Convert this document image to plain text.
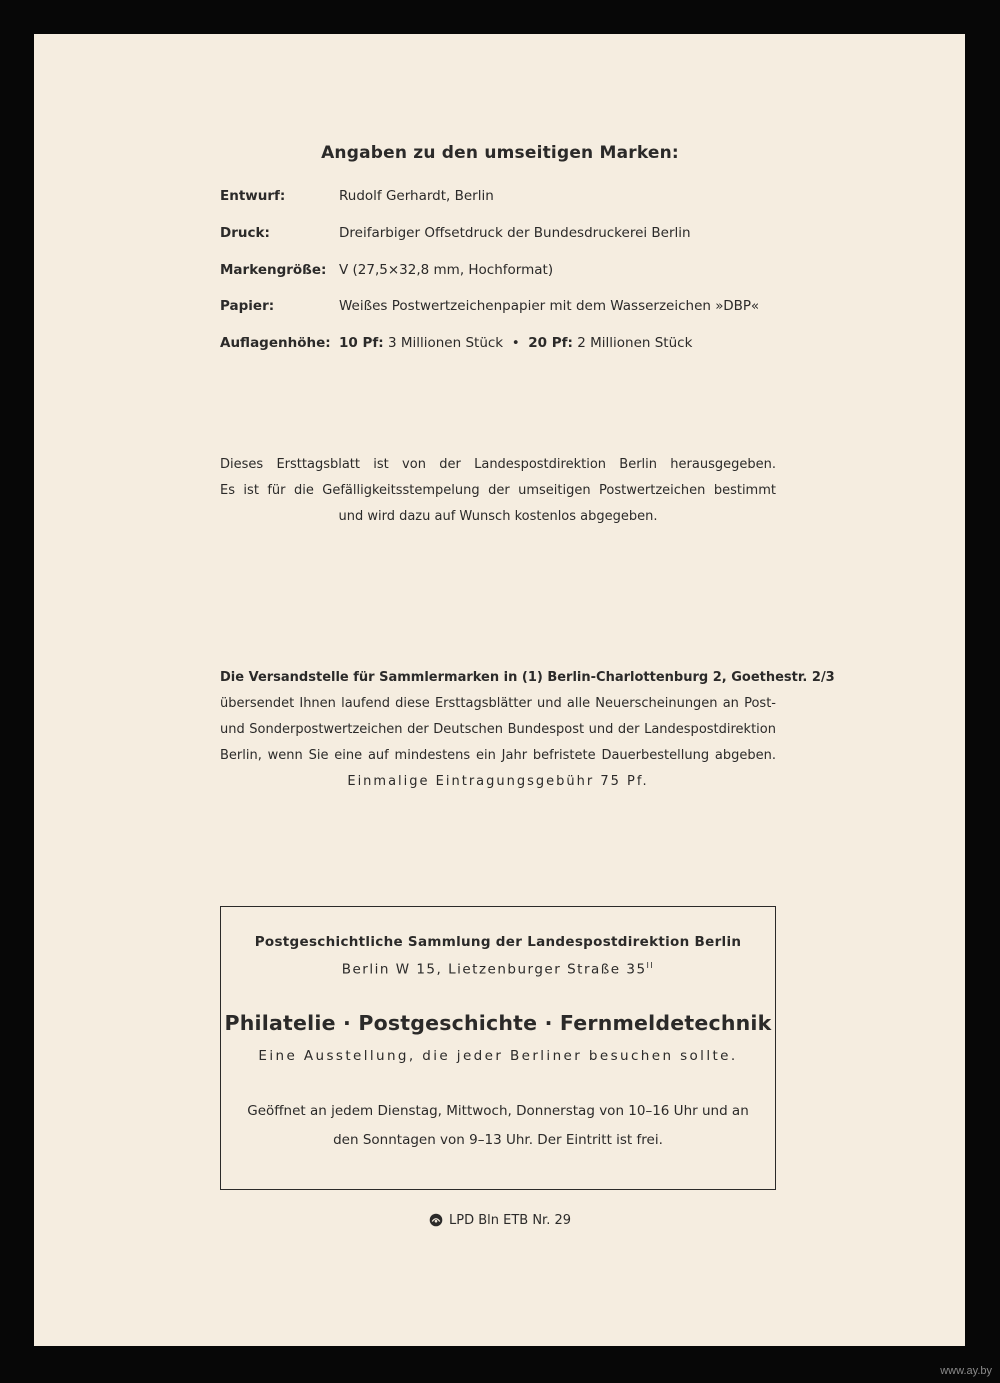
Angaben zu den umseitigen Marken:
Entwurf:	Rudolf Gerhardt, Berlin
Druck:	Dreifarbiger Offsetdruck der Bundesdruckerei Berlin
Markengröße: V (27,5×32,8 mm, Hochformat)
Papier:	Weißes Postwertzeichenpapier mit dem Wasserzeichen »DBP«
Auflagenhöhe: 10 Pf: 3 Millionen Stück • 20 Pf: 2 Millionen Stück
Dieses Ersttagsblatt ist von der Landespostdirektion Berlin herausgegeben.
Es ist für die Gefälligkeitsstempelung der umseitigen Postwertzeichen bestimmt
und wird dazu auf Wunsch kostenlos abgegeben.
Die Versandstelle für Sammlermarken in (1) Berlin-Charlottenburg 2, Goethestr. 2/3
übersendet Ihnen laufend diese Ersttagsblätter und alle Neuerscheinungen an Post-
und Sonderpostwertzeichen der Deutschen Bundespost und der Landespostdirektion
Berlin, wenn Sie eine auf mindestens ein Jahr befristete Dauerbestellung abgeben.
Einmalige Eintragungsgebühr 75 Pf.
Postgeschichtliche Sammlung der Landespostdirektion Berlin
Berlin W 15, Lietzenburger Straße $35^{II}$
Philatelie · Postgeschichte · Fernmeldetechnik
Eine Ausstellung, die jeder Berliner besuchen sollte.
Geöffnet an jedem Dienstag, Mittwoch, Donnerstag von 10–16 Uhr und an
den Sonntagen von 9–13 Uhr. Der Eintritt ist frei.
LPD Bln ETB Nr. 29
www.ay.by
